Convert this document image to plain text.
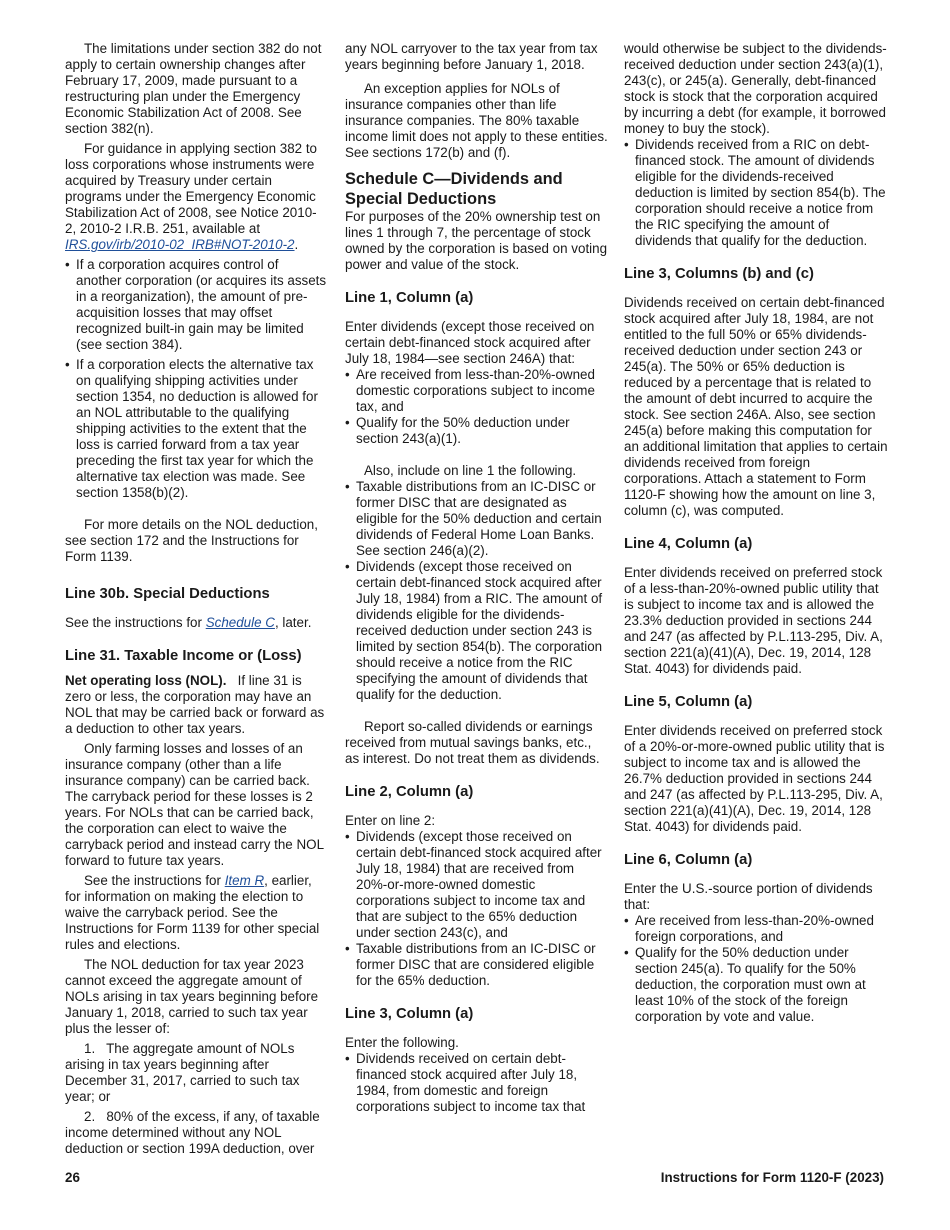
The limitations under section 382 do not apply to certain ownership changes after February 17, 2009, made pursuant to a restructuring plan under the Emergency Economic Stabilization Act of 2008. See section 382(n).

For guidance in applying section 382 to loss corporations whose instruments were acquired by Treasury under certain programs under the Emergency Economic Stabilization Act of 2008, see Notice 2010-2, 2010-2 I.R.B. 251, available at IRS.gov/irb/2010-02_IRB#NOT-2010-2.

• If a corporation acquires control of another corporation (or acquires its assets in a reorganization), the amount of pre-acquisition losses that may offset recognized built-in gain may be limited (see section 384).

• If a corporation elects the alternative tax on qualifying shipping activities under section 1354, no deduction is allowed for an NOL attributable to the qualifying shipping activities to the extent that the loss is carried forward from a tax year preceding the first tax year for which the alternative tax election was made. See section 1358(b)(2).

For more details on the NOL deduction, see section 172 and the Instructions for Form 1139.

Line 30b. Special Deductions

See the instructions for Schedule C, later.

Line 31. Taxable Income or (Loss)

Net operating loss (NOL). If line 31 is zero or less, the corporation may have an NOL that may be carried back or forward as a deduction to other tax years.

Only farming losses and losses of an insurance company (other than a life insurance company) can be carried back. The carryback period for these losses is 2 years. For NOLs that can be carried back, the corporation can elect to waive the carryback period and instead carry the NOL forward to future tax years.

See the instructions for Item R, earlier, for information on making the election to waive the carryback period. See the Instructions for Form 1139 for other special rules and elections.

The NOL deduction for tax year 2023 cannot exceed the aggregate amount of NOLs arising in tax years beginning before January 1, 2018, carried to such tax year plus the lesser of:

1.   The aggregate amount of NOLs arising in tax years beginning after December 31, 2017, carried to such tax year; or

2.   80% of the excess, if any, of taxable income determined without any NOL deduction or section 199A deduction, over

any NOL carryover to the tax year from tax years beginning before January 1, 2018.

An exception applies for NOLs of insurance companies other than life insurance companies. The 80% taxable income limit does not apply to these entities. See sections 172(b) and (f).

Schedule C—Dividends and Special Deductions

For purposes of the 20% ownership test on lines 1 through 7, the percentage of stock owned by the corporation is based on voting power and value of the stock.

Line 1, Column (a)

Enter dividends (except those received on certain debt-financed stock acquired after July 18, 1984—see section 246A) that:

• Are received from less-than-20%-owned domestic corporations subject to income tax, and

• Qualify for the 50% deduction under section 243(a)(1).

Also, include on line 1 the following.

• Taxable distributions from an IC-DISC or former DISC that are designated as eligible for the 50% deduction and certain dividends of Federal Home Loan Banks. See section 246(a)(2).

• Dividends (except those received on certain debt-financed stock acquired after July 18, 1984) from a RIC. The amount of dividends eligible for the dividends-received deduction under section 243 is limited by section 854(b). The corporation should receive a notice from the RIC specifying the amount of dividends that qualify for the deduction.

Report so-called dividends or earnings received from mutual savings banks, etc., as interest. Do not treat them as dividends.

Line 2, Column (a)

Enter on line 2:

• Dividends (except those received on certain debt-financed stock acquired after July 18, 1984) that are received from 20%-or-more-owned domestic corporations subject to income tax and that are subject to the 65% deduction under section 243(c), and

• Taxable distributions from an IC-DISC or former DISC that are considered eligible for the 65% deduction.

Line 3, Column (a)

Enter the following.

• Dividends received on certain debt-financed stock acquired after July 18, 1984, from domestic and foreign corporations subject to income tax that

would otherwise be subject to the dividends-received deduction under section 243(a)(1), 243(c), or 245(a). Generally, debt-financed stock is stock that the corporation acquired by incurring a debt (for example, it borrowed money to buy the stock).

• Dividends received from a RIC on debt-financed stock. The amount of dividends eligible for the dividends-received deduction is limited by section 854(b). The corporation should receive a notice from the RIC specifying the amount of dividends that qualify for the deduction.

Line 3, Columns (b) and (c)

Dividends received on certain debt-financed stock acquired after July 18, 1984, are not entitled to the full 50% or 65% dividends-received deduction under section 243 or 245(a). The 50% or 65% deduction is reduced by a percentage that is related to the amount of debt incurred to acquire the stock. See section 246A. Also, see section 245(a) before making this computation for an additional limitation that applies to certain dividends received from foreign corporations. Attach a statement to Form 1120-F showing how the amount on line 3, column (c), was computed.

Line 4, Column (a)

Enter dividends received on preferred stock of a less-than-20%-owned public utility that is subject to income tax and is allowed the 23.3% deduction provided in sections 244 and 247 (as affected by P.L.113-295, Div. A, section 221(a)(41)(A), Dec. 19, 2014, 128 Stat. 4043) for dividends paid.

Line 5, Column (a)

Enter dividends received on preferred stock of a 20%-or-more-owned public utility that is subject to income tax and is allowed the 26.7% deduction provided in sections 244 and 247 (as affected by P.L.113-295, Div. A, section 221(a)(41)(A), Dec. 19, 2014, 128 Stat. 4043) for dividends paid.

Line 6, Column (a)

Enter the U.S.-source portion of dividends that:

• Are received from less-than-20%-owned foreign corporations, and

• Qualify for the 50% deduction under section 245(a). To qualify for the 50% deduction, the corporation must own at least 10% of the stock of the foreign corporation by vote and value.

26	Instructions for Form 1120-F (2023)
